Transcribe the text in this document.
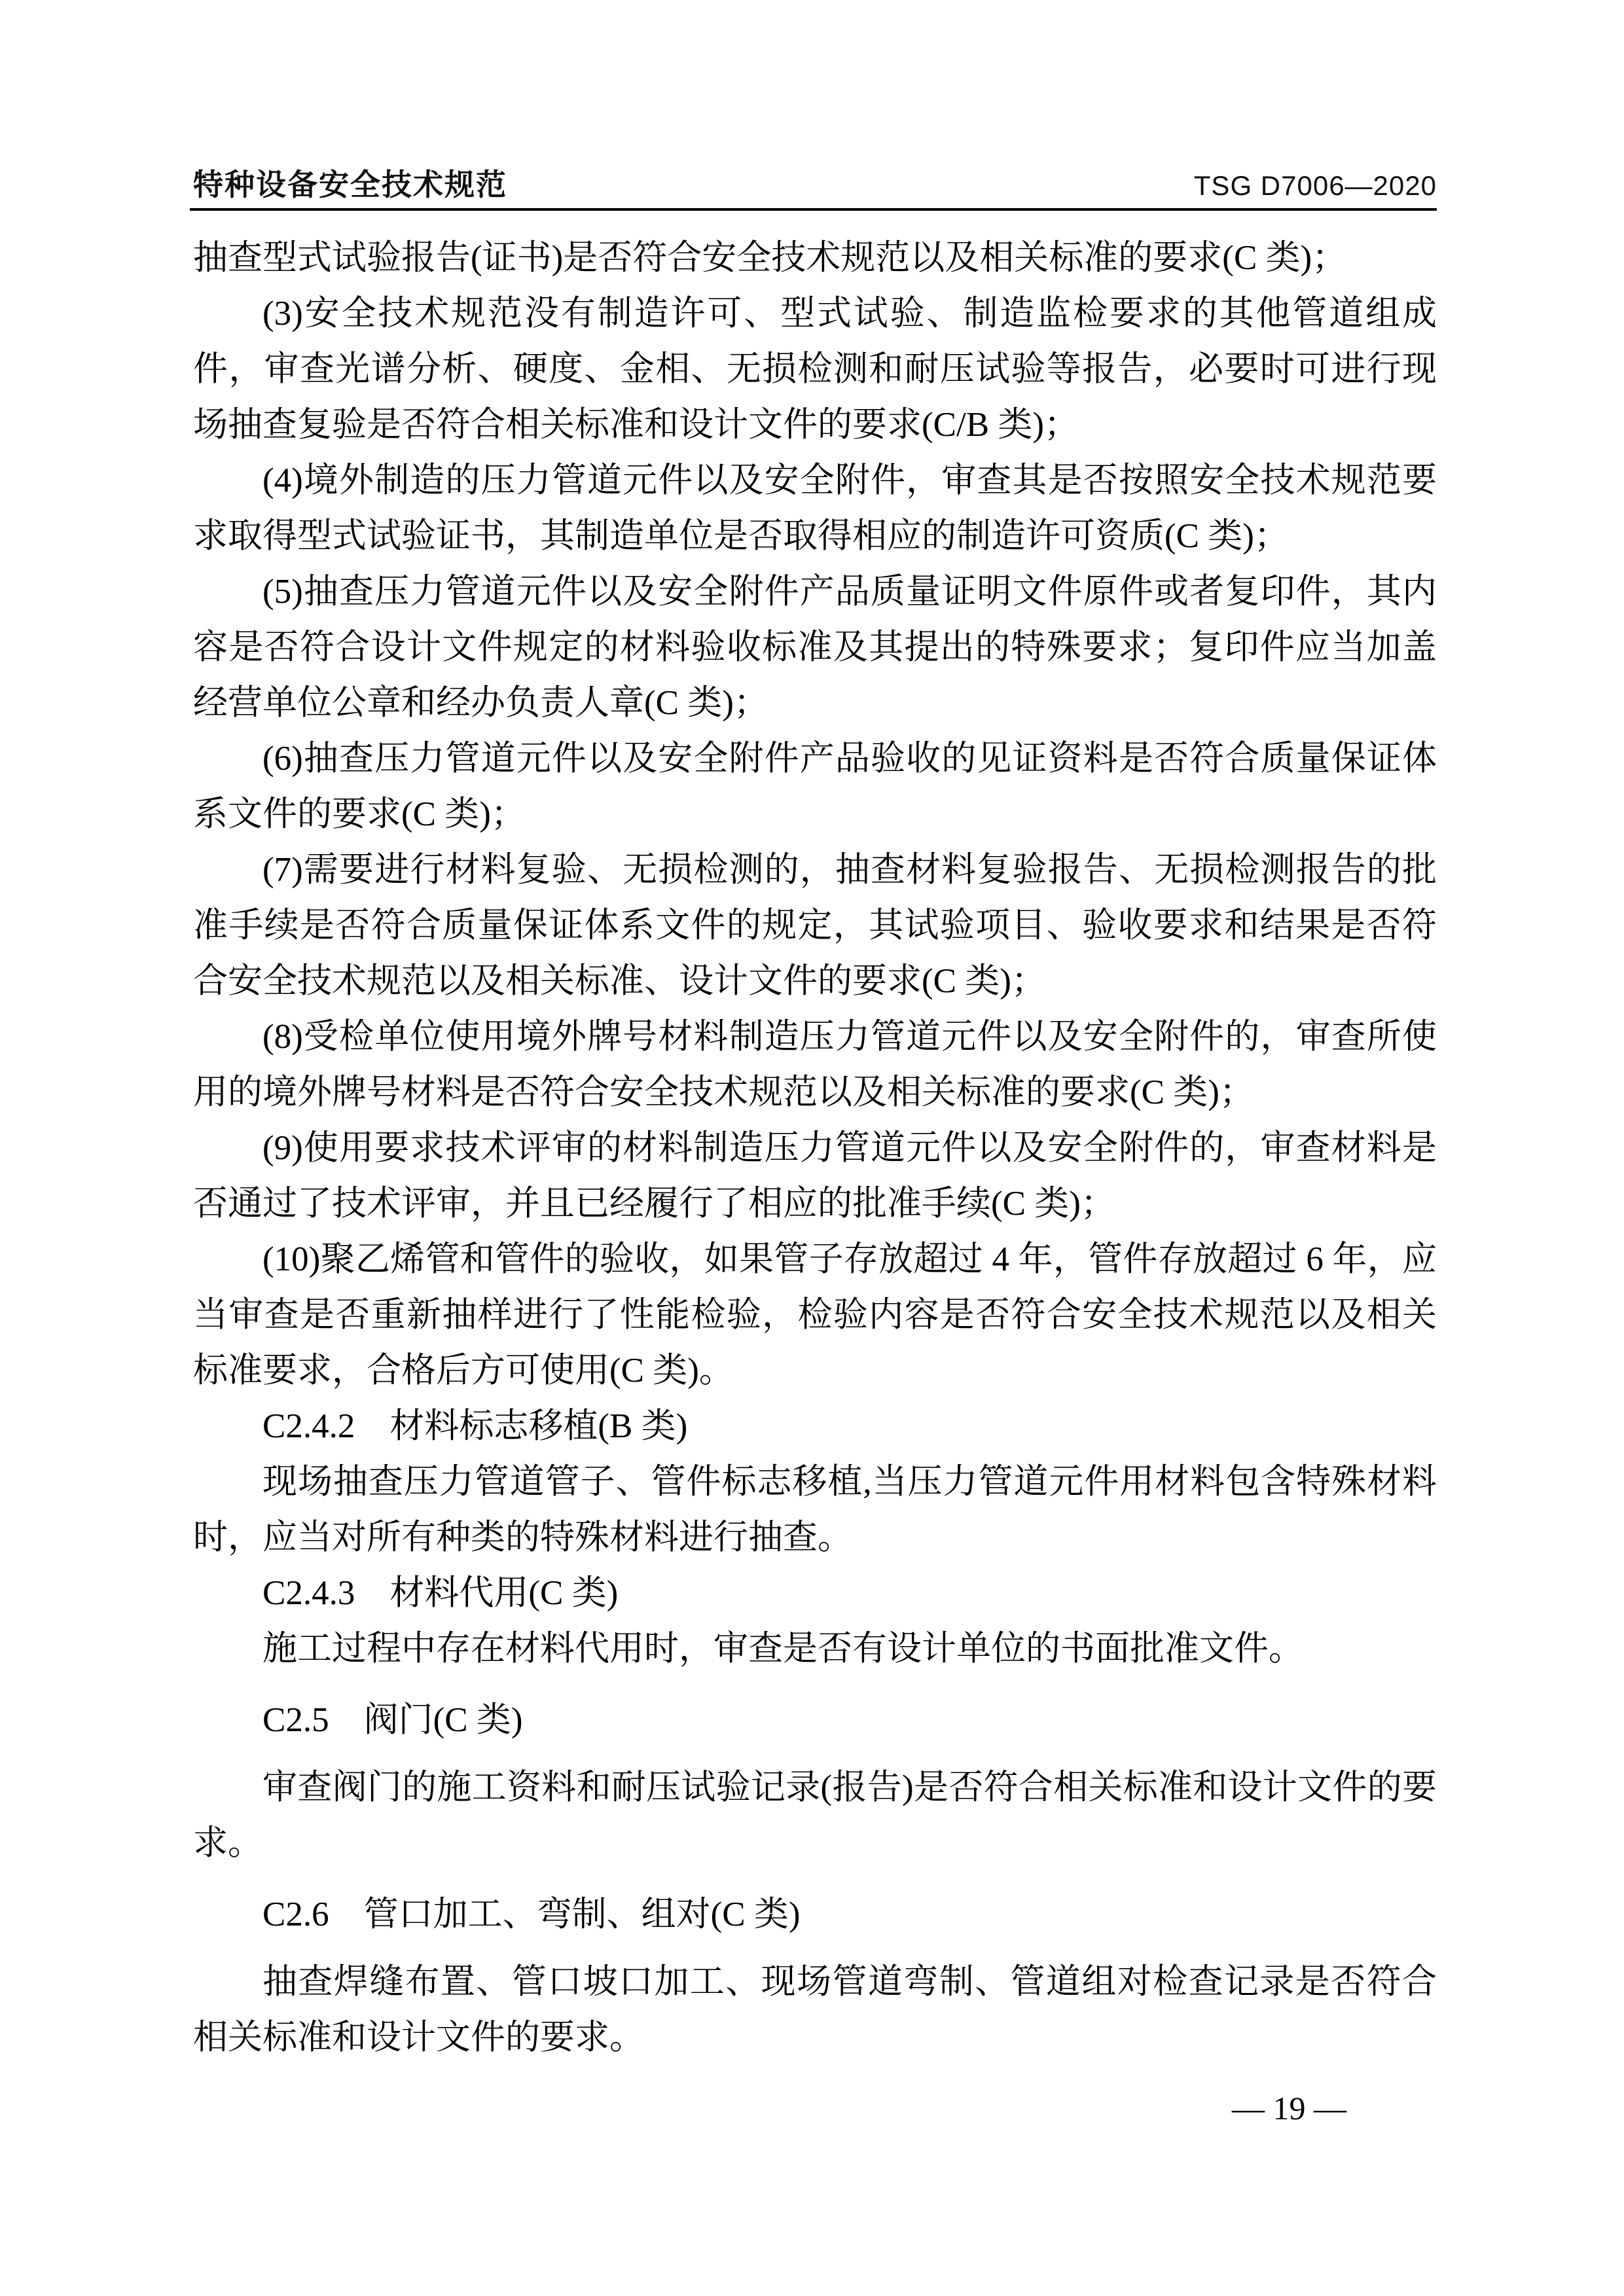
特种设备安全技术规范	TSG D7006—2020

抽查型式试验报告(证书)是否符合安全技术规范以及相关标准的要求(C 类)；

(3)安全技术规范没有制造许可、型式试验、制造监检要求的其他管道组成件，审查光谱分析、硬度、金相、无损检测和耐压试验等报告，必要时可进行现场抽查复验是否符合相关标准和设计文件的要求(C/B 类)；

(4)境外制造的压力管道元件以及安全附件，审查其是否按照安全技术规范要求取得型式试验证书，其制造单位是否取得相应的制造许可资质(C 类)；

(5)抽查压力管道元件以及安全附件产品质量证明文件原件或者复印件，其内容是否符合设计文件规定的材料验收标准及其提出的特殊要求；复印件应当加盖经营单位公章和经办负责人章(C 类)；

(6)抽查压力管道元件以及安全附件产品验收的见证资料是否符合质量保证体系文件的要求(C 类)；

(7)需要进行材料复验、无损检测的，抽查材料复验报告、无损检测报告的批准手续是否符合质量保证体系文件的规定，其试验项目、验收要求和结果是否符合安全技术规范以及相关标准、设计文件的要求(C 类)；

(8)受检单位使用境外牌号材料制造压力管道元件以及安全附件的，审查所使用的境外牌号材料是否符合安全技术规范以及相关标准的要求(C 类)；

(9)使用要求技术评审的材料制造压力管道元件以及安全附件的，审查材料是否通过了技术评审，并且已经履行了相应的批准手续(C 类)；

(10)聚乙烯管和管件的验收，如果管子存放超过 4 年，管件存放超过 6 年，应当审查是否重新抽样进行了性能检验，检验内容是否符合安全技术规范以及相关标准要求，合格后方可使用(C 类)。

C2.4.2　材料标志移植(B 类)

现场抽查压力管道管子、管件标志移植,当压力管道元件用材料包含特殊材料时，应当对所有种类的特殊材料进行抽查。

C2.4.3　材料代用(C 类)

施工过程中存在材料代用时，审查是否有设计单位的书面批准文件。

C2.5　阀门(C 类)

审查阀门的施工资料和耐压试验记录(报告)是否符合相关标准和设计文件的要求。

C2.6　管口加工、弯制、组对(C 类)

抽查焊缝布置、管口坡口加工、现场管道弯制、管道组对检查记录是否符合相关标准和设计文件的要求。

— 19 —
